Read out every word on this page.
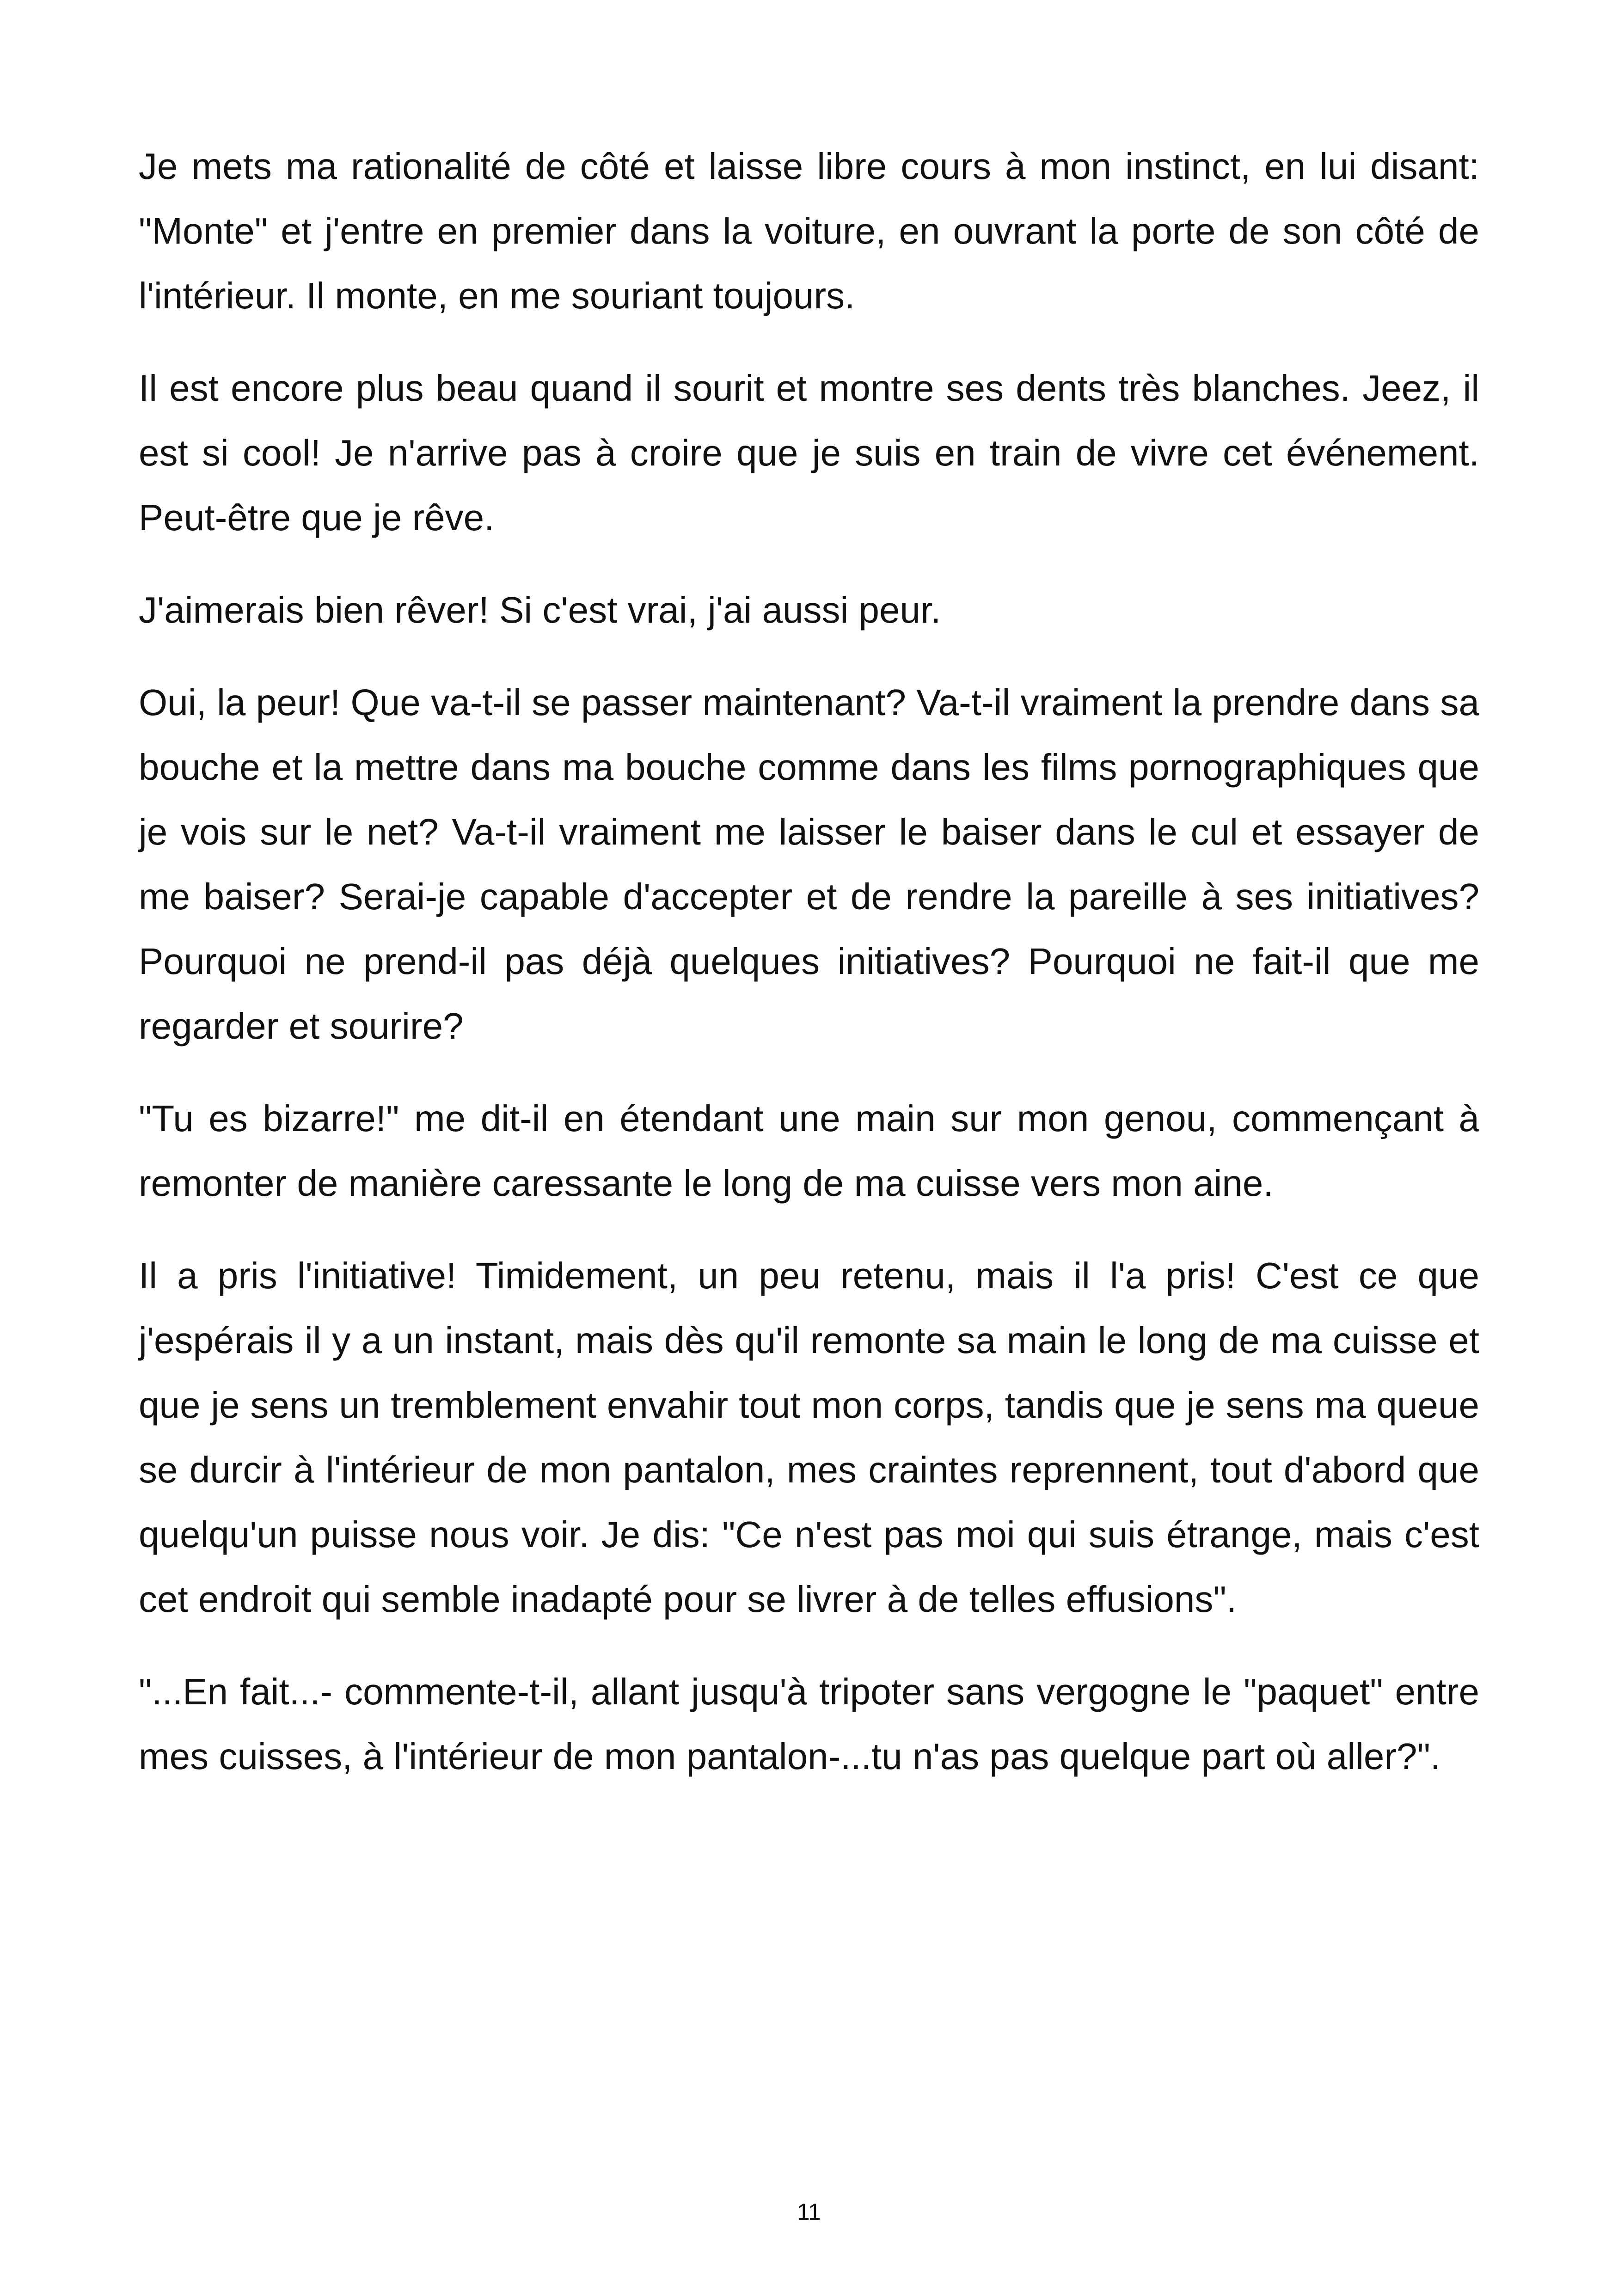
Je mets ma rationalité de côté et laisse libre cours à mon instinct, en lui disant: "Monte" et j'entre en premier dans la voiture, en ouvrant la porte de son côté de l'intérieur. Il monte, en me souriant toujours.

Il est encore plus beau quand il sourit et montre ses dents très blanches. Jeez, il est si cool! Je n'arrive pas à croire que je suis en train de vivre cet événement. Peut-être que je rêve.

J'aimerais bien rêver! Si c'est vrai, j'ai aussi peur.

Oui, la peur! Que va-t-il se passer maintenant? Va-t-il vraiment la prendre dans sa bouche et la mettre dans ma bouche comme dans les films pornographiques que je vois sur le net? Va-t-il vraiment me laisser le baiser dans le cul et essayer de me baiser? Serai-je capable d'accepter et de rendre la pareille à ses initiatives? Pourquoi ne prend-il pas déjà quelques initiatives? Pourquoi ne fait-il que me regarder et sourire?

"Tu es bizarre!" me dit-il en étendant une main sur mon genou, commençant à remonter de manière caressante le long de ma cuisse vers mon aine.

Il a pris l'initiative! Timidement, un peu retenu, mais il l'a pris! C'est ce que j'espérais il y a un instant, mais dès qu'il remonte sa main le long de ma cuisse et que je sens un tremblement envahir tout mon corps, tandis que je sens ma queue se durcir à l'intérieur de mon pantalon, mes craintes reprennent, tout d'abord que quelqu'un puisse nous voir. Je dis: "Ce n'est pas moi qui suis étrange, mais c'est cet endroit qui semble inadapté pour se livrer à de telles effusions".

"...En fait...- commente-t-il, allant jusqu'à tripoter sans vergogne le "paquet" entre mes cuisses, à l'intérieur de mon pantalon-...tu n'as pas quelque part où aller?".

11
